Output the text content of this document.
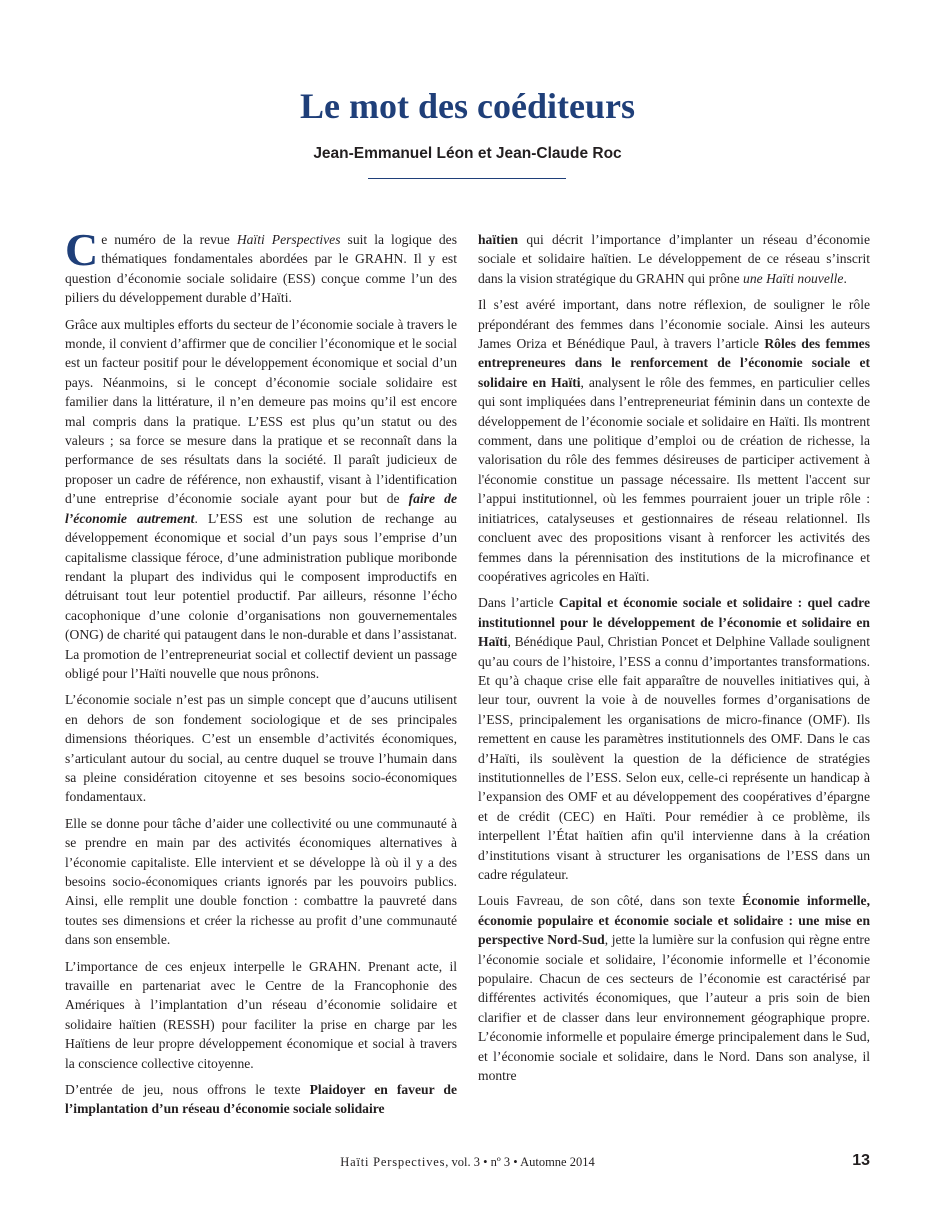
Le mot des coéditeurs
Jean-Emmanuel Léon et Jean-Claude Roc

Ce numéro de la revue Haïti Perspectives suit la logique des thématiques fondamentales abordées par le GRAHN. Il y est question d’économie sociale solidaire (ESS) conçue comme l’un des piliers du développement durable d’Haïti.

Grâce aux multiples efforts du secteur de l’économie sociale à travers le monde, il convient d’affirmer que de concilier l’économique et le social est un facteur positif pour le développement économique et social d’un pays. Néanmoins, si le concept d’économie sociale solidaire est familier dans la littérature, il n’en demeure pas moins qu’il est encore mal compris dans la pratique. L’ESS est plus qu’un statut ou des valeurs ; sa force se mesure dans la pratique et se reconnaît dans la performance de ses résultats dans la société. Il paraît judicieux de proposer un cadre de référence, non exhaustif, visant à l’identification d’une entreprise d’économie sociale ayant pour but de faire de l’économie autrement. L’ESS est une solution de rechange au développement économique et social d’un pays sous l’emprise d’un capitalisme classique féroce, d’une administration publique moribonde rendant la plupart des individus qui le composent improductifs en détruisant tout leur potentiel productif. Par ailleurs, résonne l’écho cacophonique d’une colonie d’organisations non gouvernementales (ONG) de charité qui pataugent dans le non-durable et dans l’assistanat. La promotion de l’entrepreneuriat social et collectif devient un passage obligé pour l’Haïti nouvelle que nous prônons.

L’économie sociale n’est pas un simple concept que d’aucuns utilisent en dehors de son fondement sociologique et de ses principales dimensions théoriques. C’est un ensemble d’activités économiques, s’articulant autour du social, au centre duquel se trouve l’humain dans sa pleine considération citoyenne et ses besoins socio-économiques fondamentaux.

Elle se donne pour tâche d’aider une collectivité ou une communauté à se prendre en main par des activités économiques alternatives à l’économie capitaliste. Elle intervient et se développe là où il y a des besoins socio-économiques criants ignorés par les pouvoirs publics. Ainsi, elle remplit une double fonction : combattre la pauvreté dans toutes ses dimensions et créer la richesse au profit d’une communauté dans son ensemble.

L’importance de ces enjeux interpelle le GRAHN. Prenant acte, il travaille en partenariat avec le Centre de la Francophonie des Amériques à l’implantation d’un réseau d’économie solidaire et solidaire haïtien (RESSH) pour faciliter la prise en charge par les Haïtiens de leur propre développement économique et social à travers la conscience collective citoyenne.

D’entrée de jeu, nous offrons le texte Plaidoyer en faveur de l’implantation d’un réseau d’économie sociale solidaire

haïtien qui décrit l’importance d’implanter un réseau d’économie sociale et solidaire haïtien. Le développement de ce réseau s’inscrit dans la vision stratégique du GRAHN qui prône une Haïti nouvelle.

Il s’est avéré important, dans notre réflexion, de souligner le rôle prépondérant des femmes dans l’économie sociale. Ainsi les auteurs James Oriza et Bénédique Paul, à travers l’article Rôles des femmes entrepreneures dans le renforcement de l’économie sociale et solidaire en Haïti, analysent le rôle des femmes, en particulier celles qui sont impliquées dans l’entrepreneuriat féminin dans un contexte de développement de l’économie sociale et solidaire en Haïti. Ils montrent comment, dans une politique d’emploi ou de création de richesse, la valorisation du rôle des femmes désireuses de participer activement à l'économie constitue un passage nécessaire. Ils mettent l'accent sur l’appui institutionnel, où les femmes pourraient jouer un triple rôle : initiatrices, catalyseuses et gestionnaires de réseau relationnel. Ils concluent avec des propositions visant à renforcer les activités des femmes dans la pérennisation des institutions de la microfinance et coopératives agricoles en Haïti.

Dans l’article Capital et économie sociale et solidaire : quel cadre institutionnel pour le développement de l’économie et solidaire en Haïti, Bénédique Paul, Christian Poncet et Delphine Vallade soulignent qu’au cours de l’histoire, l’ESS a connu d’importantes transformations. Et qu’à chaque crise elle fait apparaître de nouvelles initiatives qui, à leur tour, ouvrent la voie à de nouvelles formes d’organisations de l’ESS, principalement les organisations de micro-finance (OMF). Ils remettent en cause les paramètres institutionnels des OMF. Dans le cas d’Haïti, ils soulèvent la question de la déficience de stratégies institutionnelles de l’ESS. Selon eux, celle-ci représente un handicap à l’expansion des OMF et au développement des coopératives d’épargne et de crédit (CEC) en Haïti. Pour remédier à ce problème, ils interpellent l’État haïtien afin qu'il intervienne dans à la création d’institutions visant à structurer les organisations de l’ESS dans un cadre régulateur.

Louis Favreau, de son côté, dans son texte Économie informelle, économie populaire et économie sociale et solidaire : une mise en perspective Nord-Sud, jette la lumière sur la confusion qui règne entre l’économie sociale et solidaire, l’économie informelle et l’économie populaire. Chacun de ces secteurs de l’économie est caractérisé par différentes activités économiques, que l’auteur a pris soin de bien clarifier et de classer dans leur environnement géographique propre. L’économie informelle et populaire émerge principalement dans le Sud, et l’économie sociale et solidaire, dans le Nord. Dans son analyse, il montre

Haïti Perspectives, vol. 3 • nº 3 • Automne 2014	13
